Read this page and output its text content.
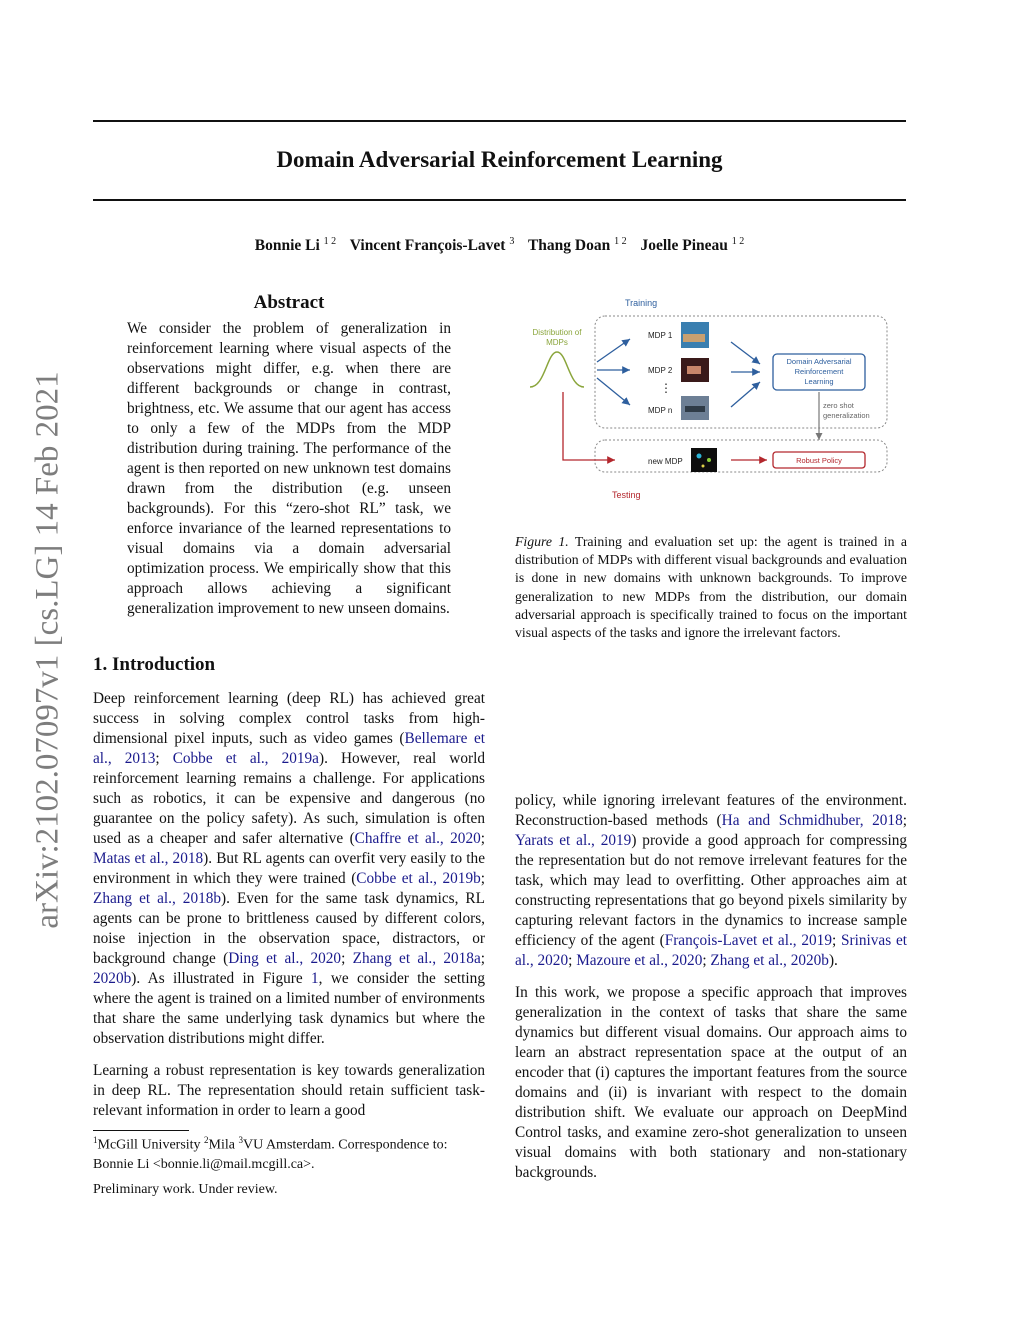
Domain Adversarial Reinforcement Learning
Bonnie Li $^{1 2}$ Vincent François-Lavet $^3$ Thang Doan $^{1 2}$ Joelle Pineau $^{1 2}$
arXiv:2102.07097v1 [cs.LG] 14 Feb 2021
Abstract
We consider the problem of generalization in reinforcement learning where visual aspects of the observations might differ, e.g. when there are different backgrounds or change in contrast, brightness, etc. We assume that our agent has access to only a few of the MDPs from the MDP distribution during training. The performance of the agent is then reported on new unknown test domains drawn from the distribution (e.g. unseen backgrounds). For this “zero-shot RL” task, we enforce invariance of the learned representations to visual domains via a domain adversarial optimization process. We empirically show that this approach allows achieving a significant generalization improvement to new unseen domains.
1. Introduction

Deep reinforcement learning (deep RL) has achieved great success in solving complex control tasks from high-dimensional pixel inputs, such as video games (Bellemare et al., 2013; Cobbe et al., 2019a). However, real world reinforcement learning remains a challenge. For applications such as robotics, it can be expensive and dangerous (no guarantee on the policy safety). As such, simulation is often used as a cheaper and safer alternative (Chaffre et al., 2020; Matas et al., 2018). But RL agents can overfit very easily to the environment in which they were trained (Cobbe et al., 2019b; Zhang et al., 2018b). Even for the same task dynamics, RL agents can be prone to brittleness caused by different colors, noise injection in the observation space, distractors, or background change (Ding et al., 2020; Zhang et al., 2018a; 2020b). As illustrated in Figure 1, we consider the setting where the agent is trained on a limited number of environments that share the same underlying task dynamics but where the observation distributions might differ.

Learning a robust representation is key towards generalization in deep RL. The representation should retain sufficient task-relevant information in order to learn a good

$^1$McGill University $^2$Mila $^3$VU Amsterdam. Correspondence to: Bonnie Li <bonnie.li@mail.mcgill.ca>.
Preliminary work. Under review.
Training
Distribution of
MDPs
MDP 1
MDP 2
⋮
MDP n
Domain Adversarial
Reinforcement
Learning
zero shot
generalization
new MDP	Robust Policy
Testing
Figure 1. Training and evaluation set up: the agent is trained in a distribution of MDPs with different visual backgrounds and evaluation is done in new domains with unknown backgrounds. To improve generalization to new MDPs from the distribution, our domain adversarial approach is specifically trained to focus on the important visual aspects of the tasks and ignore the irrelevant factors.

policy, while ignoring irrelevant features of the environment. Reconstruction-based methods (Ha and Schmidhuber, 2018; Yarats et al., 2019) provide a good approach for compressing the representation but do not remove irrelevant features for the task, which may lead to overfitting. Other approaches aim at constructing representations that go beyond pixels similarity by capturing relevant factors in the dynamics to increase sample efficiency of the agent (François-Lavet et al., 2019; Srinivas et al., 2020; Mazoure et al., 2020; Zhang et al., 2020b).

In this work, we propose a specific approach that improves generalization in the context of tasks that share the same dynamics but different visual domains. Our approach aims to learn an abstract representation space at the output of an encoder that (i) captures the important features from the source domains and (ii) is invariant with respect to the domain distribution shift. We evaluate our approach on DeepMind Control tasks, and examine zero-shot generalization to unseen visual domains with both stationary and non-stationary backgrounds.
